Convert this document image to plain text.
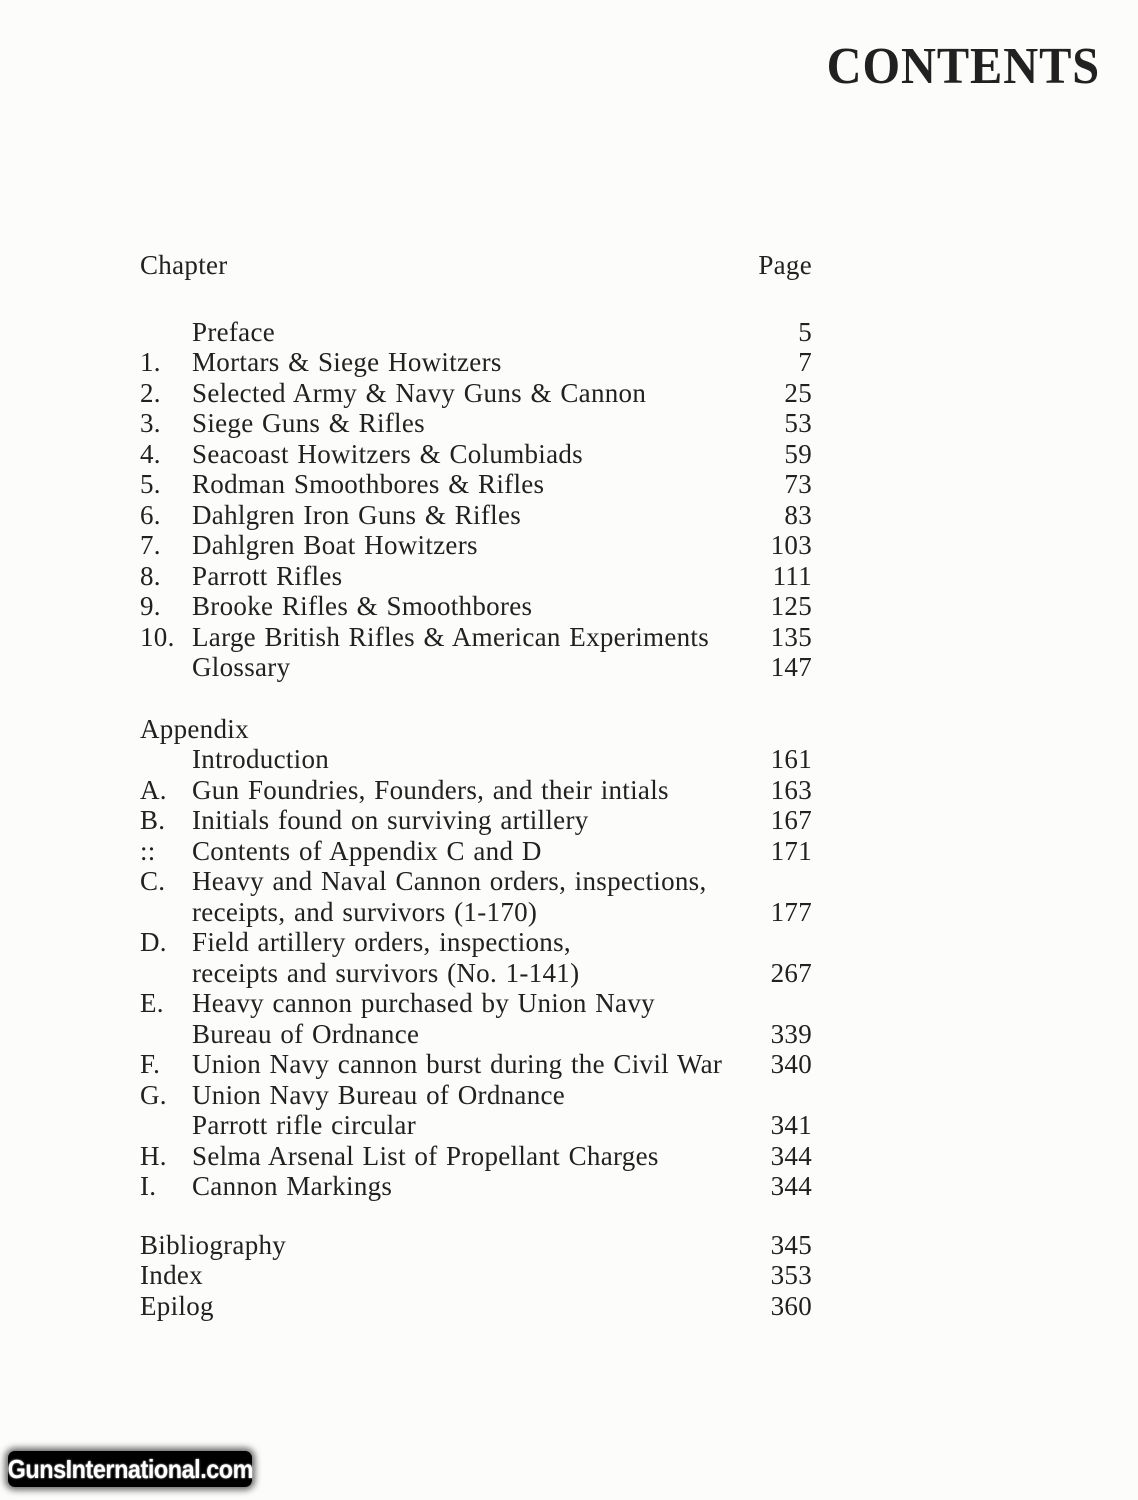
CONTENTS
Chapter	Page
Preface	5
1.	Mortars & Siege Howitzers	7
2.	Selected Army & Navy Guns & Cannon	25
3.	Siege Guns & Rifles	53
4.	Seacoast Howitzers & Columbiads	59
5.	Rodman Smoothbores & Rifles	73
6.	Dahlgren Iron Guns & Rifles	83
7.	Dahlgren Boat Howitzers	103
8.	Parrott Rifles	111
9.	Brooke Rifles & Smoothbores	125
10. Large British Rifles & American Experiments	135
Glossary	147
Appendix
Introduction	161
A. Gun Foundries, Founders, and their intials	163
B. Initials found on surviving artillery	167
::	Contents of Appendix C and D	171
C. Heavy and Naval Cannon orders, inspections,
receipts, and survivors (1-170)	177
D. Field artillery orders, inspections,
receipts and survivors (No. 1-141)	267
E.	Heavy cannon purchased by Union Navy
Bureau of Ordnance	339
F.	Union Navy cannon burst during the Civil War	340
G. Union Navy Bureau of Ordnance
Parrott rifle circular	341
H. Selma Arsenal List of Propellant Charges	344
I.	Cannon Markings	344
Bibliography	345
Index	353
Epilog	360
GunsInternational.com
